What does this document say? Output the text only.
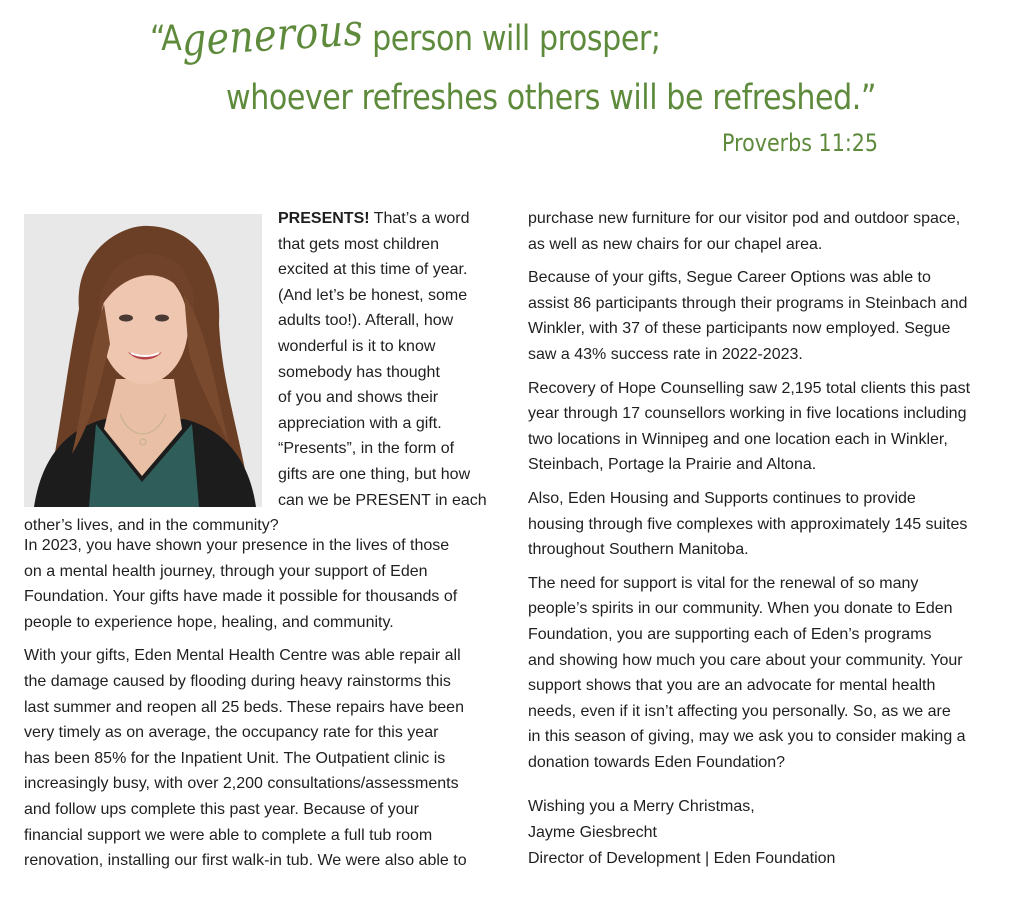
“Agenerous person will prosper;
whoever refreshes others will be refreshed.”
Proverbs 11:25
PRESENTS! That’s a word
that gets most children
excited at this time of year.
(And let’s be honest, some
adults too!). Afterall, how
wonderful is it to know
somebody has thought
of you and shows their
appreciation with a gift.
“Presents”, in the form of
gifts are one thing, but how
can we be PRESENT in each
other’s lives, and in the community?

In 2023, you have shown your presence in the lives of those
on a mental health journey, through your support of Eden
Foundation. Your gifts have made it possible for thousands of
people to experience hope, healing, and community.

With your gifts, Eden Mental Health Centre was able repair all
the damage caused by flooding during heavy rainstorms this
last summer and reopen all 25 beds. These repairs have been
very timely as on average, the occupancy rate for this year
has been 85% for the Inpatient Unit. The Outpatient clinic is
increasingly busy, with over 2,200 consultations/assessments
and follow ups complete this past year. Because of your
financial support we were able to complete a full tub room
renovation, installing our first walk-in tub. We were also able to

purchase new furniture for our visitor pod and outdoor space,
as well as new chairs for our chapel area.

Because of your gifts, Segue Career Options was able to
assist 86 participants through their programs in Steinbach and
Winkler, with 37 of these participants now employed. Segue
saw a 43% success rate in 2022-2023.

Recovery of Hope Counselling saw 2,195 total clients this past
year through 17 counsellors working in five locations including
two locations in Winnipeg and one location each in Winkler,
Steinbach, Portage la Prairie and Altona.

Also, Eden Housing and Supports continues to provide
housing through five complexes with approximately 145 suites
throughout Southern Manitoba.

The need for support is vital for the renewal of so many
people’s spirits in our community. When you donate to Eden
Foundation, you are supporting each of Eden’s programs
and showing how much you care about your community. Your
support shows that you are an advocate for mental health
needs, even if it isn’t affecting you personally. So, as we are
in this season of giving, may we ask you to consider making a
donation towards Eden Foundation?

Wishing you a Merry Christmas,
Jayme Giesbrecht
Director of Development | Eden Foundation
